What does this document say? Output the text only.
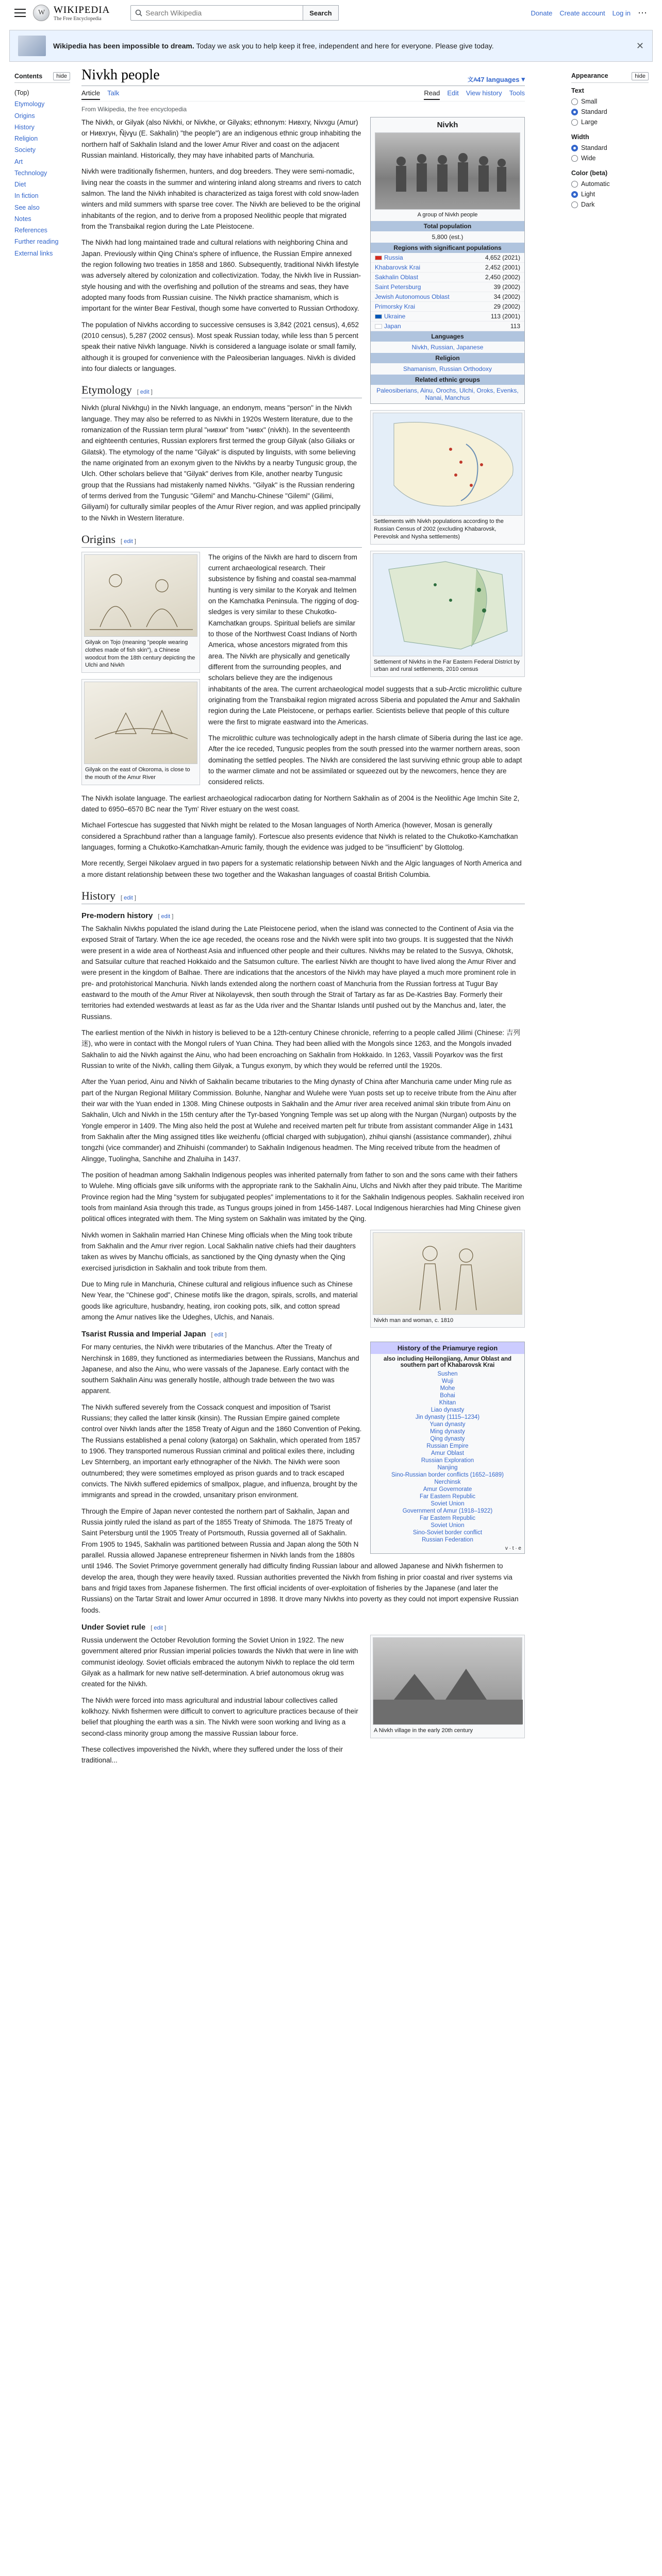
W
WIKIPEDIA
The Free Encyclopedia
Search Wikipedia
Search	Donate Create account Log in ⋯
Wikipedia has been impossible to dream. Today we ask you to help keep it free, independent and here for everyone. Please give today.	✕
Contents	hide
(Top)
Etymology
Origins
History
Religion
Society
Art
Technology
Diet
In fiction
See also
Notes
References
Further reading
External links
Nivkh people	文A 47 languages ▾
Article Talk	Read Edit View history Tools
From Wikipedia, the free encyclopedia
Nivkh
A group of Nivkh people
Total population
5,800 (est.)
Regions with significant populations
Russia	4,652 (2021)
Khabarovsk Krai	2,452 (2001)
Sakhalin Oblast	2,450 (2002)
Saint Petersburg	39 (2002)
Jewish Autonomous Oblast	34 (2002)
Primorsky Krai	29 (2002)
Ukraine	113 (2001)
Japan	113
Languages
Nivkh, Russian, Japanese
Religion
Shamanism, Russian Orthodoxy
Related ethnic groups
Paleosiberians, Ainu, Orochs, Ulchi, Oroks, Evenks, Nanai, Manchus

The Nivkh, or Gilyak (also Nivkhi, or Nivkhe, or Gilyaks; ethnonym: Нивхгу, Nivxgu (Amur) or Нивхгун, Ñi̮vɣu (E. Sakhalin) "the people") are an indigenous ethnic group inhabiting the northern half of Sakhalin Island and the lower Amur River and coast on the adjacent Russian mainland. Historically, they may have inhabited parts of Manchuria.

Nivkh were traditionally fishermen, hunters, and dog breeders. They were semi-nomadic, living near the coasts in the summer and wintering inland along streams and rivers to catch salmon. The land the Nivkh inhabited is characterized as taiga forest with cold snow-laden winters and mild summers with sparse tree cover. The Nivkh are believed to be the original inhabitants of the region, and to derive from a proposed Neolithic people that migrated from the Transbaikal region during the Late Pleistocene.

The Nivkh had long maintained trade and cultural relations with neighboring China and Japan. Previously within Qing China's sphere of influence, the Russian Empire annexed the region following two treaties in 1858 and 1860. Subsequently, traditional Nivkh lifestyle was adversely altered by colonization and collectivization. Today, the Nivkh live in Russian-style housing and with the overfishing and pollution of the streams and seas, they have adopted many foods from Russian cuisine. The Nivkh practice shamanism, which is important for the winter Bear Festival, though some have converted to Russian Orthodoxy.

The population of Nivkhs according to successive censuses is 3,842 (2021 census), 4,652 (2010 census), 5,287 (2002 census). Most speak Russian today, while less than 5 percent speak their native Nivkh language. Nivkh is considered a language isolate or small family, although it is grouped for convenience with the Paleosiberian languages. Nivkh is divided into four dialects or languages.

Settlements with Nivkh populations according to the Russian Census of 2002 (excluding Khabarovsk, Perevolsk and Nysha settlements)
Settlement of Nivkhs in the Far Eastern Federal District by urban and rural settlements, 2010 census
Etymology	[ edit ]

Nivkh (plural Nivkhgu) in the Nivkh language, an endonym, means "person" in the Nivkh language. They may also be referred to as Nivkhi in 1920s Western literature, due to the romanization of the Russian term plural "нивхи" from "нивх" (nivkh). In the seventeenth and eighteenth centuries, Russian explorers first termed the group Gilyak (also Giliaks or Gilatsk). The etymology of the name "Gilyak" is disputed by linguists, with some believing the name originated from an exonym given to the Nivkhs by a nearby Tungusic group, the Ulch. Other scholars believe that "Gilyak" derives from Kile, another nearby Tungusic group that the Russians had mistakenly named Nivkhs. "Gilyak" is the Russian rendering of terms derived from the Tungusic "Gilemi" and Manchu-Chinese "Gilemi" (Gilimi, Giliyami) for culturally similar peoples of the Amur River region, and was applied principally to the Nivkh in Western literature.

Origins	[ edit ]
Gilyak on Tojo (meaning "people wearing clothes made of fish skin"), a Chinese woodcut from the 18th century depicting the Ulchi and Nivkh
Gilyak on the east of Okoroma, is close to the mouth of the Amur River

The origins of the Nivkh are hard to discern from current archaeological research. Their subsistence by fishing and coastal sea-mammal hunting is very similar to the Koryak and Itelmen on the Kamchatka Peninsula. The rigging of dog-sledges is very similar to these Chukotko-Kamchatkan groups. Spiritual beliefs are similar to those of the Northwest Coast Indians of North America, whose ancestors migrated from this area. The Nivkh are physically and genetically different from the surrounding peoples, and scholars believe they are the indigenous inhabitants of the area. The current archaeological model suggests that a sub-Arctic microlithic culture originating from the Transbaikal region migrated across Siberia and populated the Amur and Sakhalin region during the Late Pleistocene, or perhaps earlier. Scientists believe that people of this culture were the first to migrate eastward into the Americas.

The microlithic culture was technologically adept in the harsh climate of Siberia during the last ice age. After the ice receded, Tungusic peoples from the south pressed into the warmer northern areas, soon dominating the settled peoples. The Nivkh are considered the last surviving ethnic group able to adapt to the warmer climate and not be assimilated or squeezed out by the newcomers, hence they are considered relicts.

The Nivkh isolate language. The earliest archaeological radiocarbon dating for Northern Sakhalin as of 2004 is the Neolithic Age Imchin Site 2, dated to 6950–6570 BC near the Tym' River estuary on the west coast.

Michael Fortescue has suggested that Nivkh might be related to the Mosan languages of North America (however, Mosan is generally considered a Sprachbund rather than a language family). Fortescue also presents evidence that Nivkh is related to the Chukotko-Kamchatkan languages, forming a Chukotko-Kamchatkan-Amuric family, though the evidence was judged to be "insufficient" by Glottolog.

More recently, Sergei Nikolaev argued in two papers for a systematic relationship between Nivkh and the Algic languages of North America and a more distant relationship between these two together and the Wakashan languages of coastal British Columbia.

History	[ edit ]
Pre-modern history	[ edit ]

The Sakhalin Nivkhs populated the island during the Late Pleistocene period, when the island was connected to the Continent of Asia via the exposed Strait of Tartary. When the ice age receded, the oceans rose and the Nivkh were split into two groups. It is suggested that the Nivkh were present in a wide area of Northeast Asia and influenced other people and their cultures. Nivkhs may be related to the Susvya, Okhotsk, and Satsuilar culture that reached Hokkaido and the Satsumon culture. The earliest Nivkh are thought to have lived along the Amur River and were present in the kingdom of Balhae. There are indications that the ancestors of the Nivkh may have played a much more prominent role in pre- and protohistorical Manchuria. Nivkh lands extended along the northern coast of Manchuria from the Russian fortress at Tugur Bay eastward to the mouth of the Amur River at Nikolayevsk, then south through the Strait of Tartary as far as De-Kastries Bay. Formerly their territories had extended westwards at least as far as the Uda river and the Shantar Islands until pushed out by the Manchus and, later, the Russians.

The earliest mention of the Nivkh in history is believed to be a 12th-century Chinese chronicle, referring to a people called Jilimi (Chinese: 吉列迷), who were in contact with the Mongol rulers of Yuan China. They had been allied with the Mongols since 1263, and the Mongols invaded Sakhalin to aid the Nivkh against the Ainu, who had been encroaching on Sakhalin from Hokkaido. In 1263, Vassili Poyarkov was the first Russian to write of the Nivkh, calling them Gilyak, a Tungus exonym, by which they would be referred until the 1920s.

After the Yuan period, Ainu and Nivkh of Sakhalin became tributaries to the Ming dynasty of China after Manchuria came under Ming rule as part of the Nurgan Regional Military Commission. Bolunhe, Nanghar and Wulehe were Yuan posts set up to receive tribute from the Ainu after their war with the Yuan ended in 1308. Ming Chinese outposts in Sakhalin and the Amur river area received animal skin tribute from Ainu on Sakhalin, Ulch and Nivkh in the 15th century after the Tyr-based Yongning Temple was set up along with the Nurgan (Nurgan) outposts by the Yongle emperor in 1409. The Ming also held the post at Wulehe and received marten pelt fur tribute from assistant commander Alige in 1431 from Sakhalin after the Ming assigned titles like weizhenfu (official charged with subjugation), zhihui qianshi (assistance commander), zhihui tongzhi (vice commander) and Zhihuishi (commander) to Sakhalin Indigenous headmen. The Ming received tribute from the headmen of Alingge, Tuolingha, Sanchihe and Zhaluiha in 1437.

The position of headman among Sakhalin Indigenous peoples was inherited paternally from father to son and the sons came with their fathers to Wulehe. Ming officials gave silk uniforms with the appropriate rank to the Sakhalin Ainu, Ulchs and Nivkh after they paid tribute. The Maritime Province region had the Ming "system for subjugated peoples" implementations to it for the Sakhalin Indigenous peoples. Sakhalin received iron tools from mainland Asia through this trade, as Tungus groups joined in from 1456-1487. Local Indigenous hierarchies had Ming Chinese given political offices integrated with them. The Ming system on Sakhalin was imitated by the Qing.

Nivkh man and woman, c. 1810

Nivkh women in Sakhalin married Han Chinese Ming officials when the Ming took tribute from Sakhalin and the Amur river region. Local Sakhalin native chiefs had their daughters taken as wives by Manchu officials, as sanctioned by the Qing dynasty when the Qing exercised jurisdiction in Sakhalin and took tribute from them.

Due to Ming rule in Manchuria, Chinese cultural and religious influence such as Chinese New Year, the "Chinese god", Chinese motifs like the dragon, spirals, scrolls, and material goods like agriculture, husbandry, heating, iron cooking pots, silk, and cotton spread among the Amur natives like the Udeghes, Ulchis, and Nanais.

Tsarist Russia and Imperial Japan	[ edit ]
History of the Priamurye region
also including Heilongjiang, Amur Oblast and southern part of Khabarovsk Krai
Sushen
Wuji
Mohe
Bohai
Khitan
Liao dynasty
Jin dynasty (1115–1234)
Yuan dynasty
Ming dynasty
Qing dynasty
Russian Empire
Amur Oblast
Russian Exploration
Nanjing
Sino-Russian border conflicts (1652–1689)
Nerchinsk
Amur Governorate
Far Eastern Republic
Soviet Union
Government of Amur (1918–1922)
Far Eastern Republic
Soviet Union
Sino-Soviet border conflict
Russian Federation
v · t · e

For many centuries, the Nivkh were tributaries of the Manchus. After the Treaty of Nerchinsk in 1689, they functioned as intermediaries between the Russians, Manchus and Japanese, and also the Ainu, who were vassals of the Japanese. Early contact with the southern Sakhalin Ainu was generally hostile, although trade between the two was apparent.

The Nivkh suffered severely from the Cossack conquest and imposition of Tsarist Russians; they called the latter kinsik (kinsin). The Russian Empire gained complete control over Nivkh lands after the 1858 Treaty of Aigun and the 1860 Convention of Peking. The Russians established a penal colony (katorga) on Sakhalin, which operated from 1857 to 1906. They transported numerous Russian criminal and political exiles there, including Lev Shternberg, an important early ethnographer of the Nivkh. The Nivkh were soon outnumbered; they were sometimes employed as prison guards and to track escaped convicts. The Nivkh suffered epidemics of smallpox, plague, and influenza, brought by the immigrants and spread in the crowded, unsanitary prison environment.

Through the Empire of Japan never contested the northern part of Sakhalin, Japan and Russia jointly ruled the island as part of the 1855 Treaty of Shimoda. The 1875 Treaty of Saint Petersburg until the 1905 Treaty of Portsmouth, Russia governed all of Sakhalin. From 1905 to 1945, Sakhalin was partitioned between Russia and Japan along the 50th N parallel. Russia allowed Japanese entrepreneur fishermen in Nivkh lands from the 1880s until 1946. The Soviet Primorye government generally had difficulty finding Russian labour and allowed Japanese and Nivkh fishermen to develop the area, though they were heavily taxed. Russian authorities prevented the Nivkh from fishing in prior coastal and river systems via bans and frigid taxes from Japanese fishermen. The first official incidents of over-exploitation of fisheries by the Japanese (and later the Russians) on the Tartar Strait and lower Amur occurred in 1898. It drove many Nivkhs into poverty as they could not import expensive Russian foods.

Under Soviet rule	[ edit ]
A Nivkh village in the early 20th century

Russia underwent the October Revolution forming the Soviet Union in 1922. The new government altered prior Russian imperial policies towards the Nivkh that were in line with communist ideology. Soviet officials embraced the autonym Nivkh to replace the old term Gilyak as a hallmark for new native self-determination. A brief autonomous okrug was created for the Nivkh.

The Nivkh were forced into mass agricultural and industrial labour collectives called kolkhozy. Nivkh fishermen were difficult to convert to agriculture practices because of their belief that ploughing the earth was a sin. The Nivkh were soon working and living as a second-class minority group among the massive Russian labour force.

These collectives impoverished the Nivkh, where they suffered under the loss of their traditional...

Appearance	hide
Text
Small
Standard
Large
Width
Standard
Wide
Color (beta)
Automatic
Light
Dark
